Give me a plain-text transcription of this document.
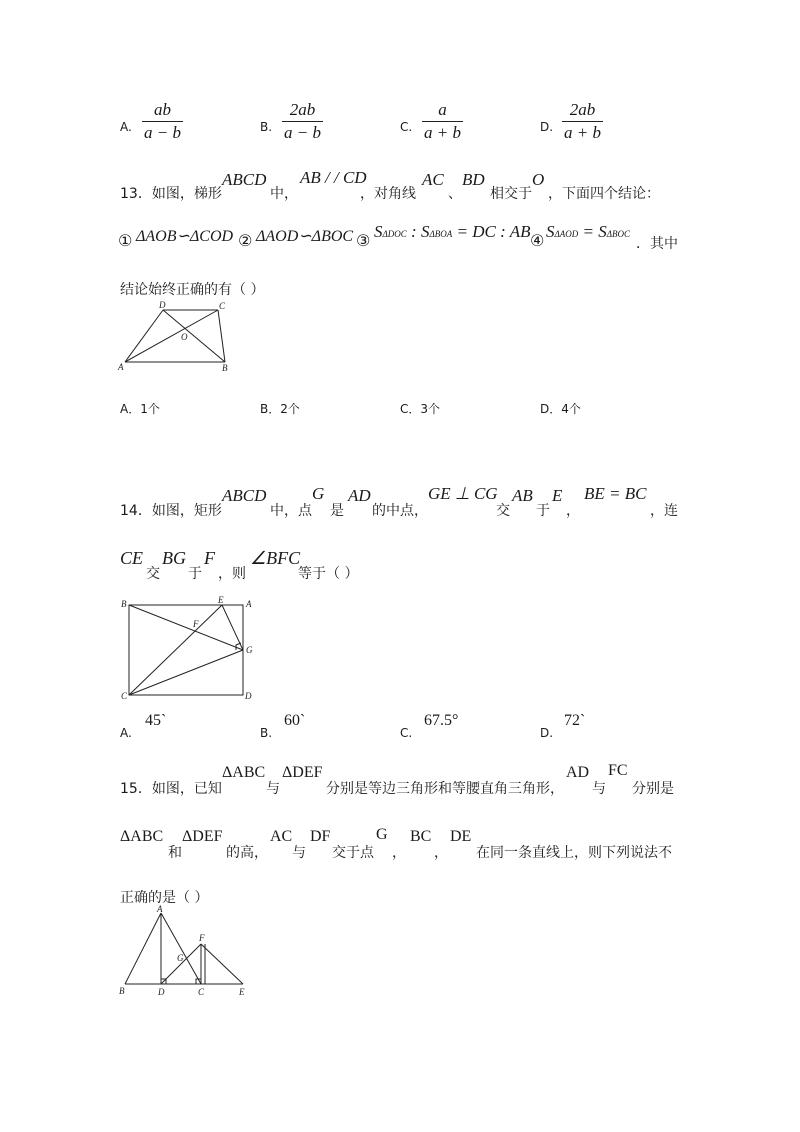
A.
ab
a − b	B.
2ab
a − b	C.
a
a + b	D.
2ab
a + b
13．如图，梯形
ABCD
中，
AB / / CD
，对角线
AC
、
BD
相交于
O
，下面四个结论：
① ΔAOB∽ΔCOD ② ΔAOD∽ΔBOC ③ SΔDOC : SΔBOA = DC : AB ④ SΔAOD = SΔBOC
．其中
结论始终正确的有（ ）
A	B
C
D
O
A．1个	B．2个	C．3个	D．4个
14．如图，矩形
ABCD
中，点
G
是
AD
的中点，
GE ⊥ CG
交
AB
于
E
，
BE = BC
，连
CE
交
BG
于
F
，则
∠BFC
等于（ ）
B	A
E
F
G
C	D
A.
45`
B.
60`
C.
67.5°
D.
72`
15．如图，已知
ΔABC
与
ΔDEF
分别是等边三角形和等腰直角三角形，
AD
与
FC
分别是
ΔABC
和
ΔDEF
的高，
AC
与
DF
交于点
G
，
BC
，
DE
在同一条直线上，则下列说法不
正确的是（ ）
A
B	D	C	E
F
G
